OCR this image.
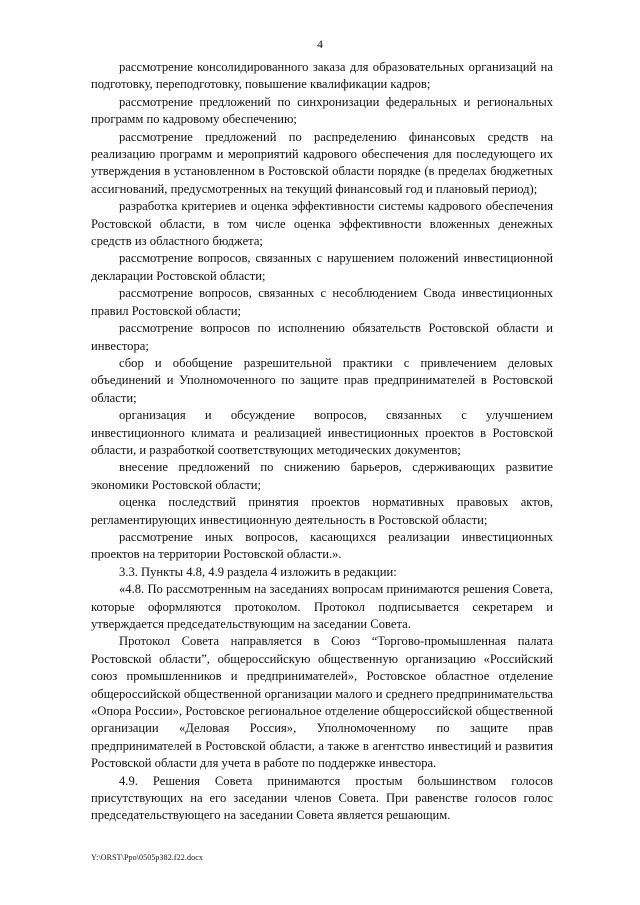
4

рассмотрение консолидированного заказа для образовательных организаций на подготовку, переподготовку, повышение квалификации кадров;

рассмотрение предложений по синхронизации федеральных и региональных программ по кадровому обеспечению;

рассмотрение предложений по распределению финансовых средств на реализацию программ и мероприятий кадрового обеспечения для последующего их утверждения в установленном в Ростовской области порядке (в пределах бюджетных ассигнований, предусмотренных на текущий финансовый год и плановый период);

разработка критериев и оценка эффективности системы кадрового обеспечения Ростовской области, в том числе оценка эффективности вложенных денежных средств из областного бюджета;

рассмотрение вопросов, связанных с нарушением положений инвестиционной декларации Ростовской области;

рассмотрение вопросов, связанных с несоблюдением Свода инвестиционных правил Ростовской области;

рассмотрение вопросов по исполнению обязательств Ростовской области и инвестора;

сбор и обобщение разрешительной практики с привлечением деловых объединений и Уполномоченного по защите прав предпринимателей в Ростовской области;

организация и обсуждение вопросов, связанных с улучшением инвестиционного климата и реализацией инвестиционных проектов в Ростовской области, и разработкой соответствующих методических документов;

внесение предложений по снижению барьеров, сдерживающих развитие экономики Ростовской области;

оценка последствий принятия проектов нормативных правовых актов, регламентирующих инвестиционную деятельность в Ростовской области;

рассмотрение иных вопросов, касающихся реализации инвестиционных проектов на территории Ростовской области.».

3.3. Пункты 4.8, 4.9 раздела 4 изложить в редакции:

«4.8. По рассмотренным на заседаниях вопросам принимаются решения Совета, которые оформляются протоколом. Протокол подписывается секретарем и утверждается председательствующим на заседании Совета.

Протокол Совета направляется в Союз “Торгово-промышленная палата Ростовской области”, общероссийскую общественную организацию «Российский союз промышленников и предпринимателей», Ростовское областное отделение общероссийской общественной организации малого и среднего предпринимательства «Опора России», Ростовское региональное отделение общероссийской общественной организации «Деловая Россия», Уполномоченному по защите прав предпринимателей в Ростовской области, а также в агентство инвестиций и развития Ростовской области для учета в работе по поддержке инвестора.

4.9. Решения Совета принимаются простым большинством голосов присутствующих на его заседании членов Совета. При равенстве голосов голос председательствующего на заседании Совета является решающим.

Y:\ORST\Ppo\0505p382.f22.docx
